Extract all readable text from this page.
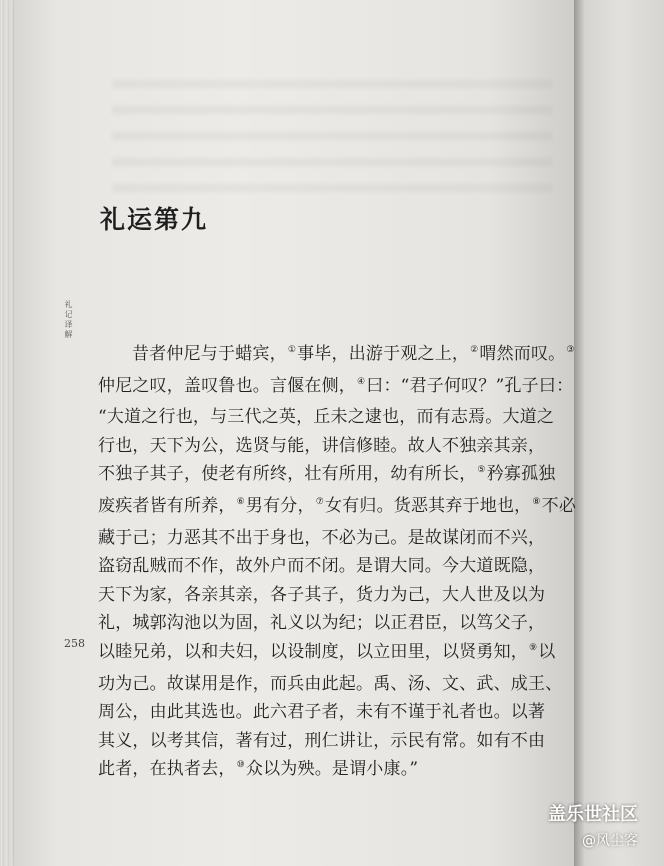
礼记译解
258
礼运第九
昔者仲尼与于蜡宾，①事毕，出游于观之上，②喟然而叹。③
仲尼之叹，盖叹鲁也。言偃在侧，④曰：“君子何叹？”孔子曰：
“大道之行也，与三代之英，丘未之逮也，而有志焉。大道之
行也，天下为公，选贤与能，讲信修睦。故人不独亲其亲，
不独子其子，使老有所终，壮有所用，幼有所长，⑤矜寡孤独
废疾者皆有所养，⑥男有分，⑦女有归。货恶其弃于地也，⑧不必
藏于己；力恶其不出于身也，不必为己。是故谋闭而不兴，
盗窃乱贼而不作，故外户而不闭。是谓大同。今大道既隐，
天下为家，各亲其亲，各子其子，货力为己，大人世及以为
礼，城郭沟池以为固，礼义以为纪；以正君臣，以笃父子，
以睦兄弟，以和夫妇，以设制度，以立田里，以贤勇知，⑨以
功为己。故谋用是作，而兵由此起。禹、汤、文、武、成王、
周公，由此其选也。此六君子者，未有不谨于礼者也。以著
其义，以考其信，著有过，刑仁讲让，示民有常。如有不由
此者，在执者去，⑩众以为殃。是谓小康。”
盖乐世社区
@风尘客
